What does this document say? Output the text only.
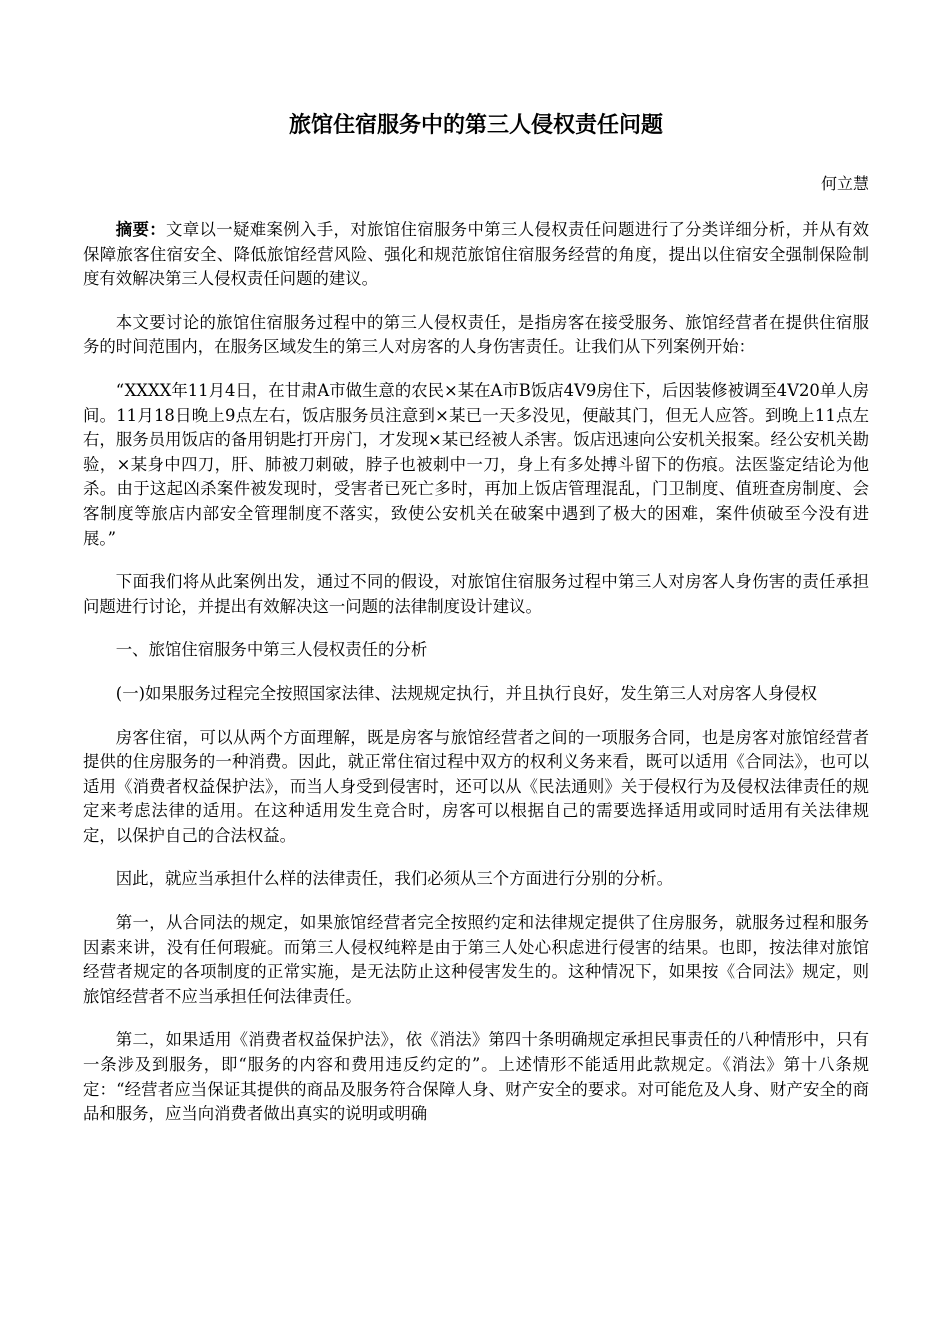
旅馆住宿服务中的第三人侵权责任问题

何立慧

摘要：文章以一疑难案例入手，对旅馆住宿服务中第三人侵权责任问题进行了分类详细分析，并从有效保障旅客住宿安全、降低旅馆经营风险、强化和规范旅馆住宿服务经营的角度，提出以住宿安全强制保险制度有效解决第三人侵权责任问题的建议。

本文要讨论的旅馆住宿服务过程中的第三人侵权责任，是指房客在接受服务、旅馆经营者在提供住宿服务的时间范围内，在服务区域发生的第三人对房客的人身伤害责任。让我们从下列案例开始：

“XXXX年11月4日，在甘肃A市做生意的农民×某在A市B饭店4V9房住下，后因装修被调至4V20单人房间。11月18日晚上9点左右，饭店服务员注意到×某已一天多没见，便敲其门，但无人应答。到晚上11点左右，服务员用饭店的备用钥匙打开房门，才发现×某已经被人杀害。饭店迅速向公安机关报案。经公安机关勘验，×某身中四刀，肝、肺被刀刺破，脖子也被刺中一刀，身上有多处搏斗留下的伤痕。法医鉴定结论为他杀。由于这起凶杀案件被发现时，受害者已死亡多时，再加上饭店管理混乱，门卫制度、值班查房制度、会客制度等旅店内部安全管理制度不落实，致使公安机关在破案中遇到了极大的困难，案件侦破至今没有进展。”

下面我们将从此案例出发，通过不同的假设，对旅馆住宿服务过程中第三人对房客人身伤害的责任承担问题进行讨论，并提出有效解决这一问题的法律制度设计建议。

一、旅馆住宿服务中第三人侵权责任的分析

(一)如果服务过程完全按照国家法律、法规规定执行，并且执行良好，发生第三人对房客人身侵权

房客住宿，可以从两个方面理解，既是房客与旅馆经营者之间的一项服务合同，也是房客对旅馆经营者提供的住房服务的一种消费。因此，就正常住宿过程中双方的权利义务来看，既可以适用《合同法》，也可以适用《消费者权益保护法》，而当人身受到侵害时，还可以从《民法通则》关于侵权行为及侵权法律责任的规定来考虑法律的适用。在这种适用发生竞合时，房客可以根据自己的需要选择适用或同时适用有关法律规定，以保护自己的合法权益。

因此，就应当承担什么样的法律责任，我们必须从三个方面进行分别的分析。

第一，从合同法的规定，如果旅馆经营者完全按照约定和法律规定提供了住房服务，就服务过程和服务因素来讲，没有任何瑕疵。而第三人侵权纯粹是由于第三人处心积虑进行侵害的结果。也即，按法律对旅馆经营者规定的各项制度的正常实施，是无法防止这种侵害发生的。这种情况下，如果按《合同法》规定，则旅馆经营者不应当承担任何法律责任。

第二，如果适用《消费者权益保护法》，依《消法》第四十条明确规定承担民事责任的八种情形中，只有一条涉及到服务，即“服务的内容和费用违反约定的”。上述情形不能适用此款规定。《消法》第十八条规定：“经营者应当保证其提供的商品及服务符合保障人身、财产安全的要求。对可能危及人身、财产安全的商品和服务，应当向消费者做出真实的说明或明确
